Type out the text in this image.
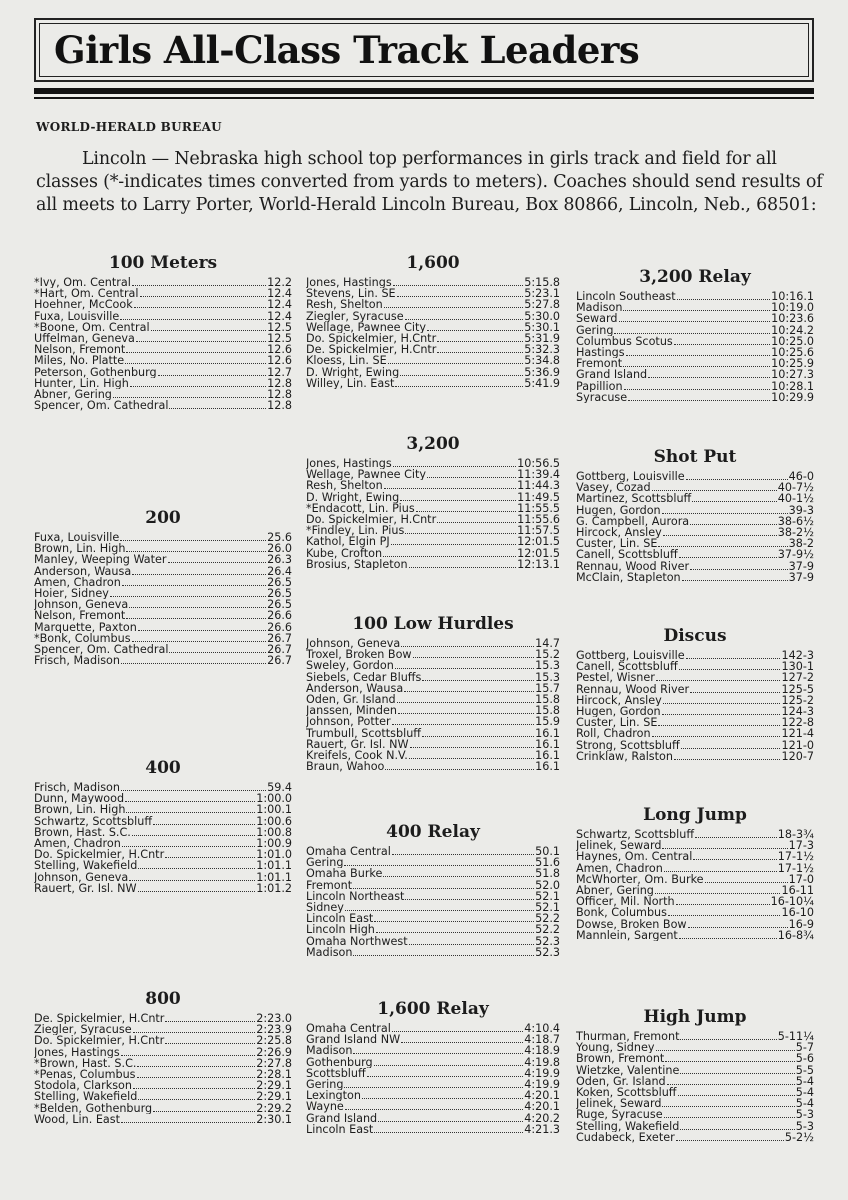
Girls All-Class Track Leaders
WORLD-HERALD BUREAU
Lincoln — Nebraska high school top performances in girls track and field for all classes (*-indicates times converted from yards to meters). Coaches should send results of all meets to Larry Porter, World-Herald Lincoln Bureau, Box 80866, Lincoln, Neb., 68501:
100 Meters
*Ivy, Om. Central	12.2
*Hart, Om. Central	12.4
Hoehner, McCook	12.4
Fuxa, Louisville	12.4
*Boone, Om. Central	12.5
Uffelman, Geneva	12.5
Nelson, Fremont	12.6
Miles, No. Platte	12.6
Peterson, Gothenburg	12.7
Hunter, Lin. High	12.8
Abner, Gering	12.8
Spencer, Om. Cathedral	12.8
200
Fuxa, Louisville	25.6
Brown, Lin. High	26.0
Manley, Weeping Water	26.3
Anderson, Wausa	26.4
Amen, Chadron	26.5
Hoier, Sidney	26.5
Johnson, Geneva	26.5
Nelson, Fremont	26.6
Marquette, Paxton	26.6
*Bonk, Columbus	26.7
Spencer, Om. Cathedral	26.7
Frisch, Madison	26.7
400
Frisch, Madison	59.4
Dunn, Maywood	1:00.0
Brown, Lin. High	1:00.1
Schwartz, Scottsbluff	1:00.6
Brown, Hast. S.C.	1:00.8
Amen, Chadron	1:00.9
Do. Spickelmier, H.Cntr	1:01.0
Stelling, Wakefield	1:01.1
Johnson, Geneva	1:01.1
Rauert, Gr. Isl. NW	1:01.2
800
De. Spickelmier, H.Cntr	2:23.0
Ziegler, Syracuse	2:23.9
Do. Spickelmier, H.Cntr	2:25.8
Jones, Hastings	2:26.9
*Brown, Hast. S.C.	2:27.8
*Penas, Columbus	2:28.1
Stodola, Clarkson	2:29.1
Stelling, Wakefield	2:29.1
*Belden, Gothenburg	2:29.2
Wood, Lin. East	2:30.1
1,600
Jones, Hastings	5:15.8
Stevens, Lin. SE	5:23.1
Resh, Shelton	5:27.8
Ziegler, Syracuse	5:30.0
Wellage, Pawnee City	5:30.1
Do. Spickelmier, H.Cntr	5:31.9
De. Spickelmier, H.Cntr	5:32.3
Kloess, Lin. SE	5:34.8
D. Wright, Ewing	5:36.9
Willey, Lin. East	5:41.9
3,200
Jones, Hastings	10:56.5
Wellage, Pawnee City	11:39.4
Resh, Shelton	11:44.3
D. Wright, Ewing	11:49.5
*Endacott, Lin. Pius	11:55.5
Do. Spickelmier, H.Cntr	11:55.6
*Findley, Lin. Pius	11:57.5
Kathol, Elgin PJ	12:01.5
Kube, Crofton	12:01.5
Brosius, Stapleton	12:13.1
100 Low Hurdles
Johnson, Geneva	14.7
Troxel, Broken Bow	15.2
Sweley, Gordon	15.3
Siebels, Cedar Bluffs	15.3
Anderson, Wausa	15.7
Oden, Gr. Island	15.8
Janssen, Minden	15.8
Johnson, Potter	15.9
Trumbull, Scottsbluff	16.1
Rauert, Gr. Isl. NW	16.1
Kreifels, Cook N.V.	16.1
Braun, Wahoo	16.1
400 Relay
Omaha Central	50.1
Gering	51.6
Omaha Burke	51.8
Fremont	52.0
Lincoln Northeast	52.1
Sidney	52.1
Lincoln East	52.2
Lincoln High	52.2
Omaha Northwest	52.3
Madison	52.3
1,600 Relay
Omaha Central	4:10.4
Grand Island NW	4:18.7
Madison	4:18.9
Gothenburg	4:19.8
Scottsbluff	4:19.9
Gering	4:19.9
Lexington	4:20.1
Wayne	4:20.1
Grand Island	4:20.2
Lincoln East	4:21.3
3,200 Relay
Lincoln Southeast	10:16.1
Madison	10:19.0
Seward	10:23.6
Gering	10:24.2
Columbus Scotus	10:25.0
Hastings	10:25.6
Fremont	10:25.9
Grand Island	10:27.3
Papillion	10:28.1
Syracuse	10:29.9
Shot Put
Gottberg, Louisville	46-0
Vasey, Cozad	40-7½
Martinez, Scottsbluff	40-1½
Hugen, Gordon	39-3
G. Campbell, Aurora	38-6½
Hircock, Ansley	38-2½
Custer, Lin. SE	38-2
Canell, Scottsbluff	37-9½
Rennau, Wood River	37-9
McClain, Stapleton	37-9
Discus
Gottberg, Louisville	142-3
Canell, Scottsbluff	130-1
Pestel, Wisner	127-2
Rennau, Wood River	125-5
Hircock, Ansley	125-2
Hugen, Gordon	124-3
Custer, Lin. SE	122-8
Roll, Chadron	121-4
Strong, Scottsbluff	121-0
Crinklaw, Ralston	120-7
Long Jump
Schwartz, Scottsbluff	18-3¾
Jelinek, Seward	17-3
Haynes, Om. Central	17-1½
Amen, Chadron	17-1½
McWhorter, Om. Burke	17-0
Abner, Gering	16-11
Officer, Mil. North	16-10¼
Bonk, Columbus	16-10
Dowse, Broken Bow	16-9
Mannlein, Sargent	16-8¾
High Jump
Thurman, Fremont	5-11¼
Young, Sidney	5-7
Brown, Fremont	5-6
Wietzke, Valentine	5-5
Oden, Gr. Island	5-4
Koken, Scottsbluff	5-4
Jelinek, Seward	5-4
Ruge, Syracuse	5-3
Stelling, Wakefield	5-3
Cudabeck, Exeter	5-2½
